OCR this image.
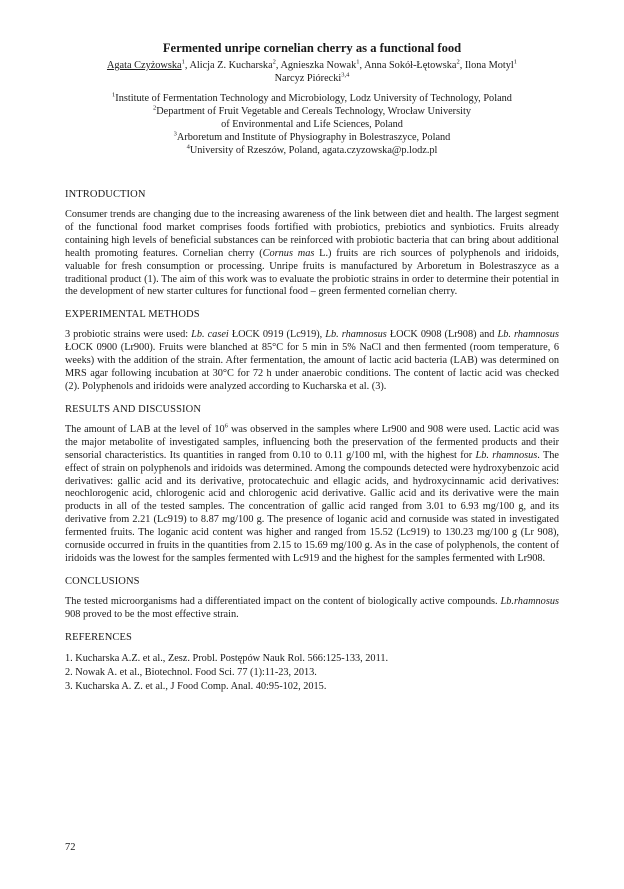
Fermented unripe cornelian cherry as a functional food
Agata Czyżowska$^1$, Alicja Z. Kucharska$^2$, Agnieszka Nowak$^1$, Anna Sokół-Łętowska$^2$, Ilona Motyl$^1$
Narcyz Piórecki$^{3,4}$
$^1$Institute of Fermentation Technology and Microbiology, Lodz University of Technology, Poland
$^2$Department of Fruit Vegetable and Cereals Technology, Wrocław University
of Environmental and Life Sciences, Poland
$^3$Arboretum and Institute of Physiography in Bolestraszyce, Poland
$^4$University of Rzeszów, Poland, agata.czyzowska@p.lodz.pl
INTRODUCTION

Consumer trends are changing due to the increasing awareness of the link between diet and health. The largest segment of the functional food market comprises foods fortified with probiotics, prebiotics and synbiotics. Fruits already containing high levels of beneficial substances can be reinforced with probiotic bacteria that can bring about additional health promoting features. Cornelian cherry (Cornus mas L.) fruits are rich sources of polyphenols and iridoids, valuable for fresh consumption or processing. Unripe fruits is manufactured by Arboretum in Bolestraszyce as a traditional product (1). The aim of this work was to evaluate the probiotic strains in order to determine their potential in the development of new starter cultures for functional food – green fermented cornelian cherry.

EXPERIMENTAL METHODS

3 probiotic strains were used: Lb. casei ŁOCK 0919 (Lc919), Lb. rhamnosus ŁOCK 0908 (Lr908) and Lb. rhamnosus ŁOCK 0900 (Lr900). Fruits were blanched at 85°C for 5 min in 5% NaCl and then fermented (room temperature, 6 weeks) with the addition of the strain. After fermentation, the amount of lactic acid bacteria (LAB) was determined on MRS agar following incubation at 30°C for 72 h under anaerobic conditions. The content of lactic acid was checked (2). Polyphenols and iridoids were analyzed according to Kucharska et al. (3).

RESULTS AND DISCUSSION

The amount of LAB at the level of $10^6$ was observed in the samples where Lr900 and 908 were used. Lactic acid was the major metabolite of investigated samples, influencing both the preservation of the fermented products and their sensorial characteristics. Its quantities in ranged from 0.10 to 0.11 g/100 ml, with the highest for Lb. rhamnosus. The effect of strain on polyphenols and iridoids was determined. Among the compounds detected were hydroxybenzoic acid derivatives: gallic acid and its derivative, protocatechuic and ellagic acids, and hydroxycinnamic acid derivatives: neochlorogenic acid, chlorogenic acid and chlorogenic acid derivative. Gallic acid and its derivative were the main products in all of the tested samples. The concentration of gallic acid ranged from 3.01 to 6.93 mg/100 g, and its derivative from 2.21 (Lc919) to 8.87 mg/100 g. The presence of loganic acid and cornuside was stated in investigated fermented fruits. The loganic acid content was higher and ranged from 15.52 (Lc919) to 130.23 mg/100 g (Lr 908), cornuside occurred in fruits in the quantities from 2.15 to 15.69 mg/100 g. As in the case of polyphenols, the content of iridoids was the lowest for the samples fermented with Lc919 and the highest for the samples fermented with Lr908.

CONCLUSIONS

The tested microorganisms had a differentiated impact on the content of biologically active compounds. Lb.rhamnosus 908 proved to be the most effective strain.

REFERENCES
1. Kucharska A.Z. et al., Zesz. Probl. Postępów Nauk Rol. 566:125-133, 2011.
2. Nowak A. et al., Biotechnol. Food Sci. 77 (1):11-23, 2013.
3. Kucharska A. Z. et al., J Food Comp. Anal. 40:95-102, 2015.
72
